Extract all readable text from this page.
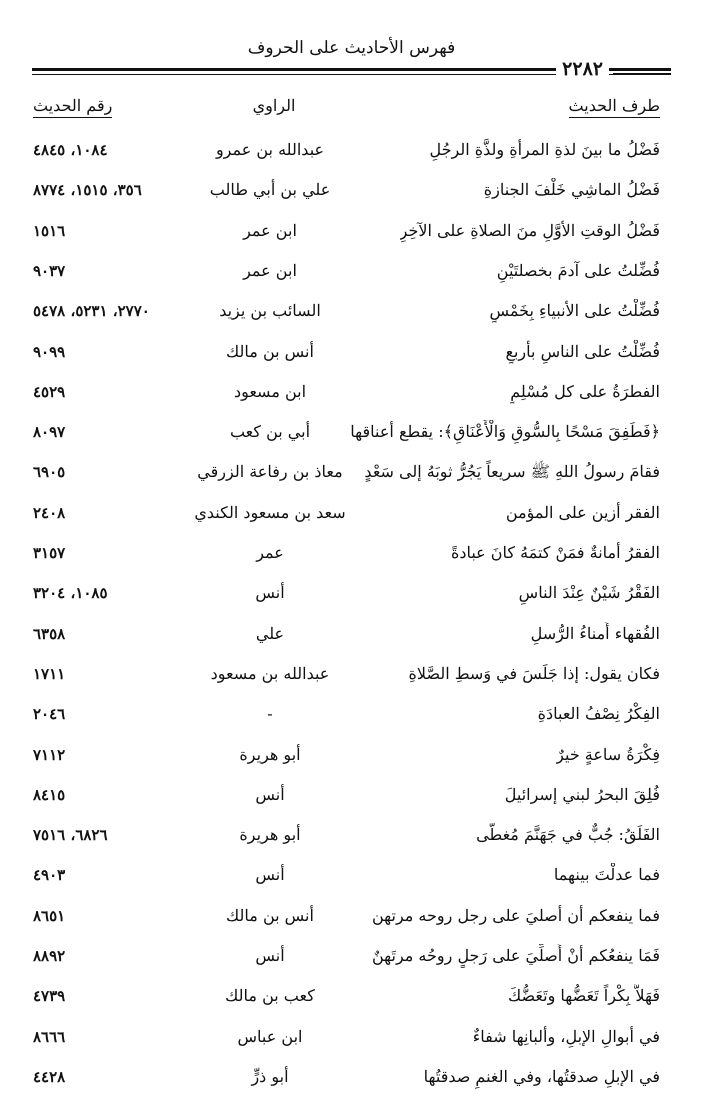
فهرس الأحاديث على الحروف
٢٢٨٢
طرف الحديث
الراوي
رقم الحديث
فَضْلُ ما بينَ لذةِ المرأةِ ولذَّةِ الرجُلِ
عبدالله بن عمرو
١٠٨٤، ٤٨٤٥
فَضْلُ الماشِي خَلْفَ الجنازةِ
علي بن أبي طالب
٣٥٦، ١٥١٥، ٨٧٧٤
فَضْلُ الوقتِ الأوَّلِ منَ الصلاةِ على الآخِرِ
ابن عمر
١٥١٦
فُضِّلتُ على آدمَ بخصلتَيْنِ
ابن عمر
٩٠٣٧
فُضِّلْتُ على الأنبياءِ بِخَمْسٍ
السائب بن يزيد
٢٧٧٠، ٥٢٣١، ٥٤٧٨
فُضِّلْتُ على الناسِ بأربعٍ
أنس بن مالك
٩٠٩٩
الفطرَةُ على كل مُسْلِمٍ
ابن مسعود
٤٥٢٩
﴿فَطَفِقَ مَسْحًا بِالسُّوقِ وَالْأَعْنَاقِ﴾: يقطع أعناقها
أبي بن كعب
٨٠٩٧
فقامَ رسولُ اللهِ ﷺ سريعاً يَجُرُّ ثوبَهُ إلى سَعْدٍ
معاذ بن رفاعة الزرقي
٦٩٠٥
الفقر أزين على المؤمن
سعد بن مسعود الكندي
٢٤٠٨
الفقرُ أمانةٌ فمَنْ كتمَهُ كانَ عبادةً
عمر
٣١٥٧
الفَقْرُ شَيْنٌ عِنْدَ الناسِ
أنس
١٠٨٥، ٣٢٠٤
الفُقهاء أُمناءُ الرُّسلِ
علي
٦٣٥٨
فكان يقول: إذا جَلَسَ في وَسطِ الصَّلاةِ
عبدالله بن مسعود
١٧١١
الفِكْرُ نِصْفُ العبادَةِ
-
٢٠٤٦
فِكْرَةُ ساعةٍ خيرٌ
أبو هريرة
٧١١٢
فُلِقَ البحرُ لبني إسرائيلَ
أنس
٨٤١٥
الفَلَقُ: جُبٌّ في جَهَنَّمَ مُغطَّى
أبو هريرة
٦٨٢٦، ٧٥١٦
فما عدلْتَ بينهما
أنس
٤٩٠٣
فما ينفعكم أن أصليَ على رجل روحه مرتهن
أنس بن مالك
٨٦٥١
فَمَا ينفعُكم أنْ أُصلِّيَ على رَجلٍ روحُه مرتَهنٌ
أنس
٨٨٩٢
فَهَلاَّ بِكْراً تَعَضُّها وتَعَضُّكَ
كعب بن مالك
٤٧٣٩
في أبوالِ الإبلِ، وألبانِها شفاءٌ
ابن عباس
٨٦٦٦
في الإبلِ صدقتُها، وفي الغنمِ صدقتُها
أبو ذرٍّ
٤٤٢٨
